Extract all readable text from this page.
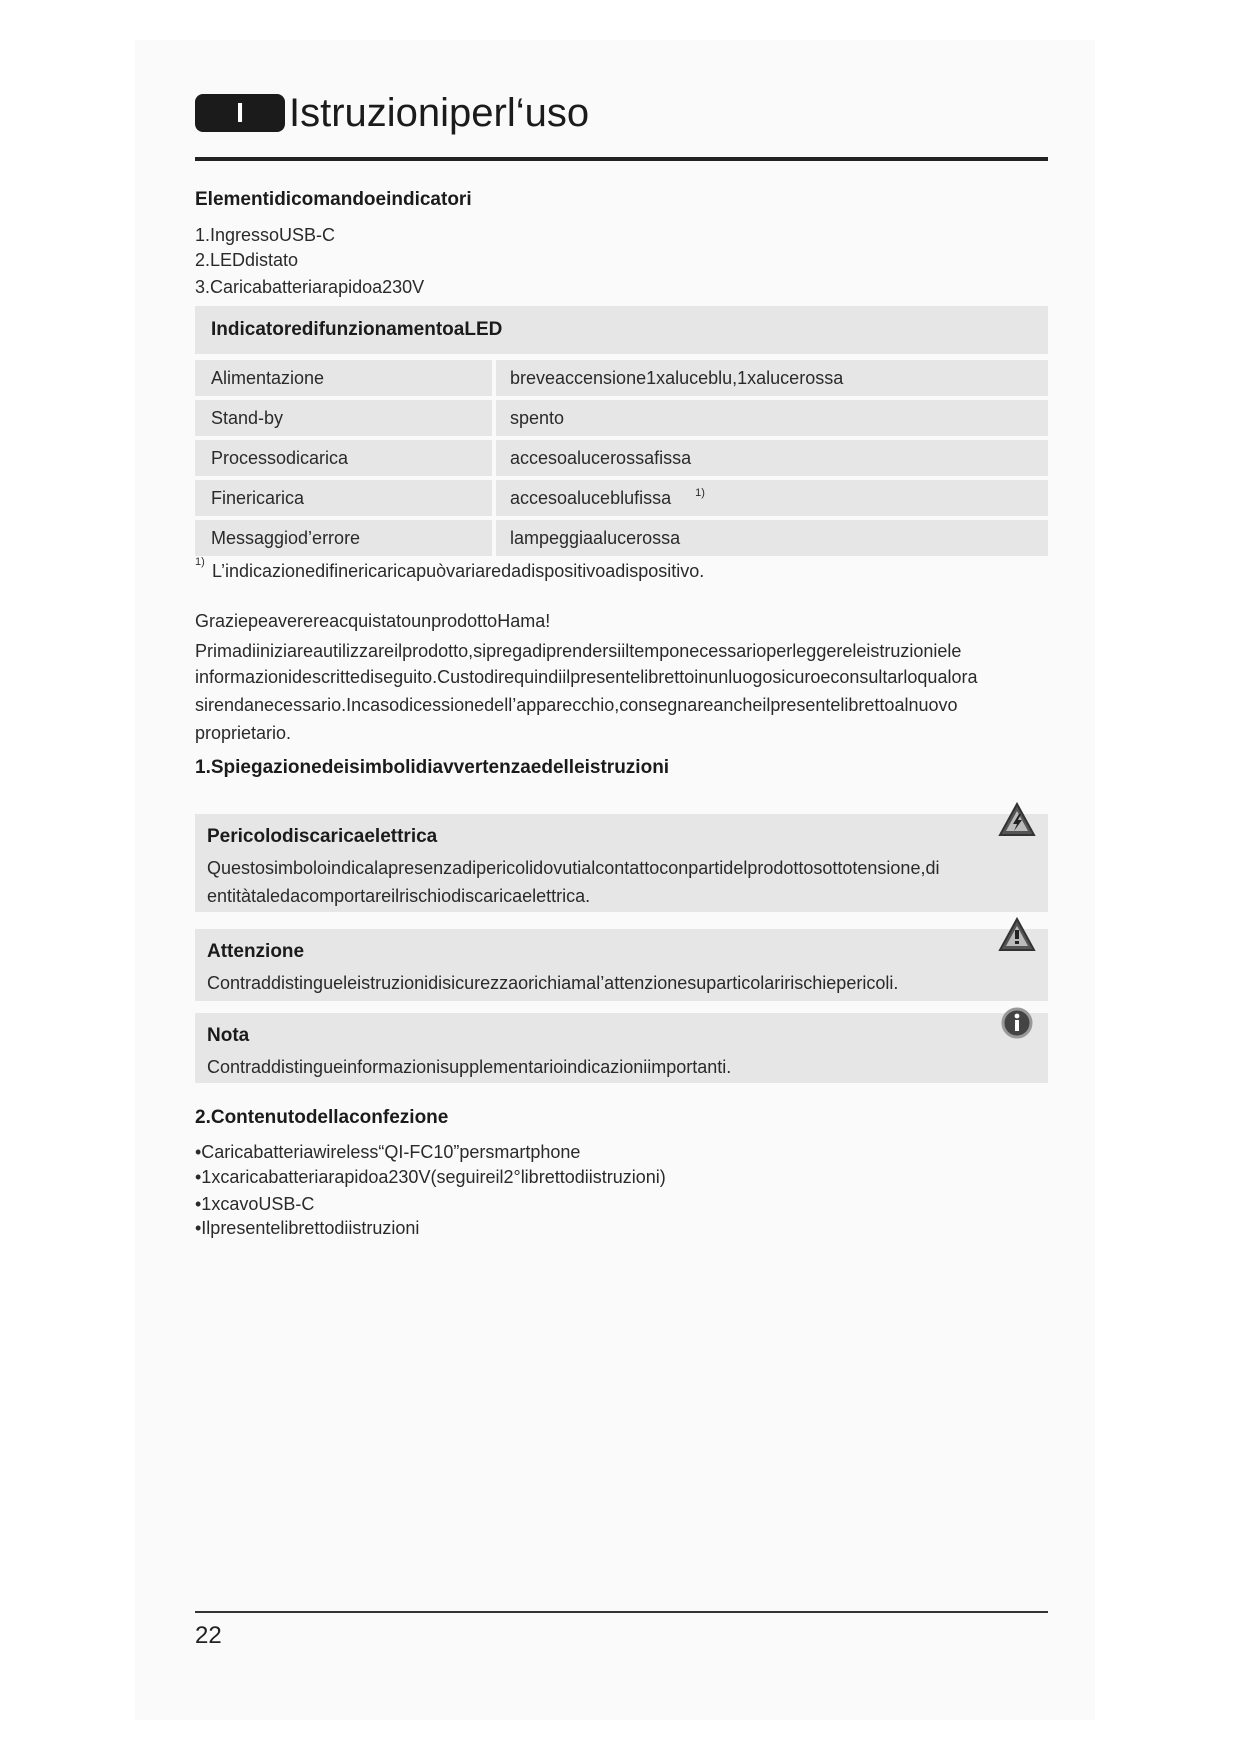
I	Istruzioniperl‘uso
Elementidicomandoeindicatori
1.IngressoUSB-C
2.LEDdistato
3.Caricabatteriarapidoa230V
IndicatoredifunzionamentoaLED
Alimentazione	breveaccensione1xaluceblu,1xalucerossa
Stand-by	spento
Processodicarica	accesoalucerossafissa
Finericarica	accesoaluceblufissa $^{1)}$
Messaggiod’errore	lampeggiaalucerossa
1) L’indicazionedifinericaricapuòvariaredadispositivoadispositivo.
GraziepeaverereacquistatounprodottoHama!
Primadiiniziareautilizzareilprodotto,sipregadiprendersiiltemponecessarioperleggereleistruzioniele
informazionidescrittediseguito.Custodirequindiilpresentelibrettoinunluogosicuroeconsultarloqualora
sirendanecessario.Incasodicessionedell’apparecchio,consegnareancheilpresentelibrettoalnuovo
proprietario.
1.Spiegazionedeisimbolidiavvertenzaedelleistruzioni
Pericolodiscaricaelettrica
Questosimboloindicalapresenzadipericolidovutialcontattoconpartidelprodottosottotensione,di
entitàtaledacomportareilrischiodiscaricaelettrica.
Attenzione
Contraddistingueleistruzionidisicurezzaorichiamal’attenzionesuparticolaririschiepericoli.
Nota
Contraddistingueinformazionisupplementarioindicazioniimportanti.
2.Contenutodellaconfezione
•Caricabatteriawireless“QI-FC10”persmartphone
•1xcaricabatteriarapidoa230V(seguireil2°librettodiistruzioni)
•1xcavoUSB-C
•Ilpresentelibrettodiistruzioni
22
